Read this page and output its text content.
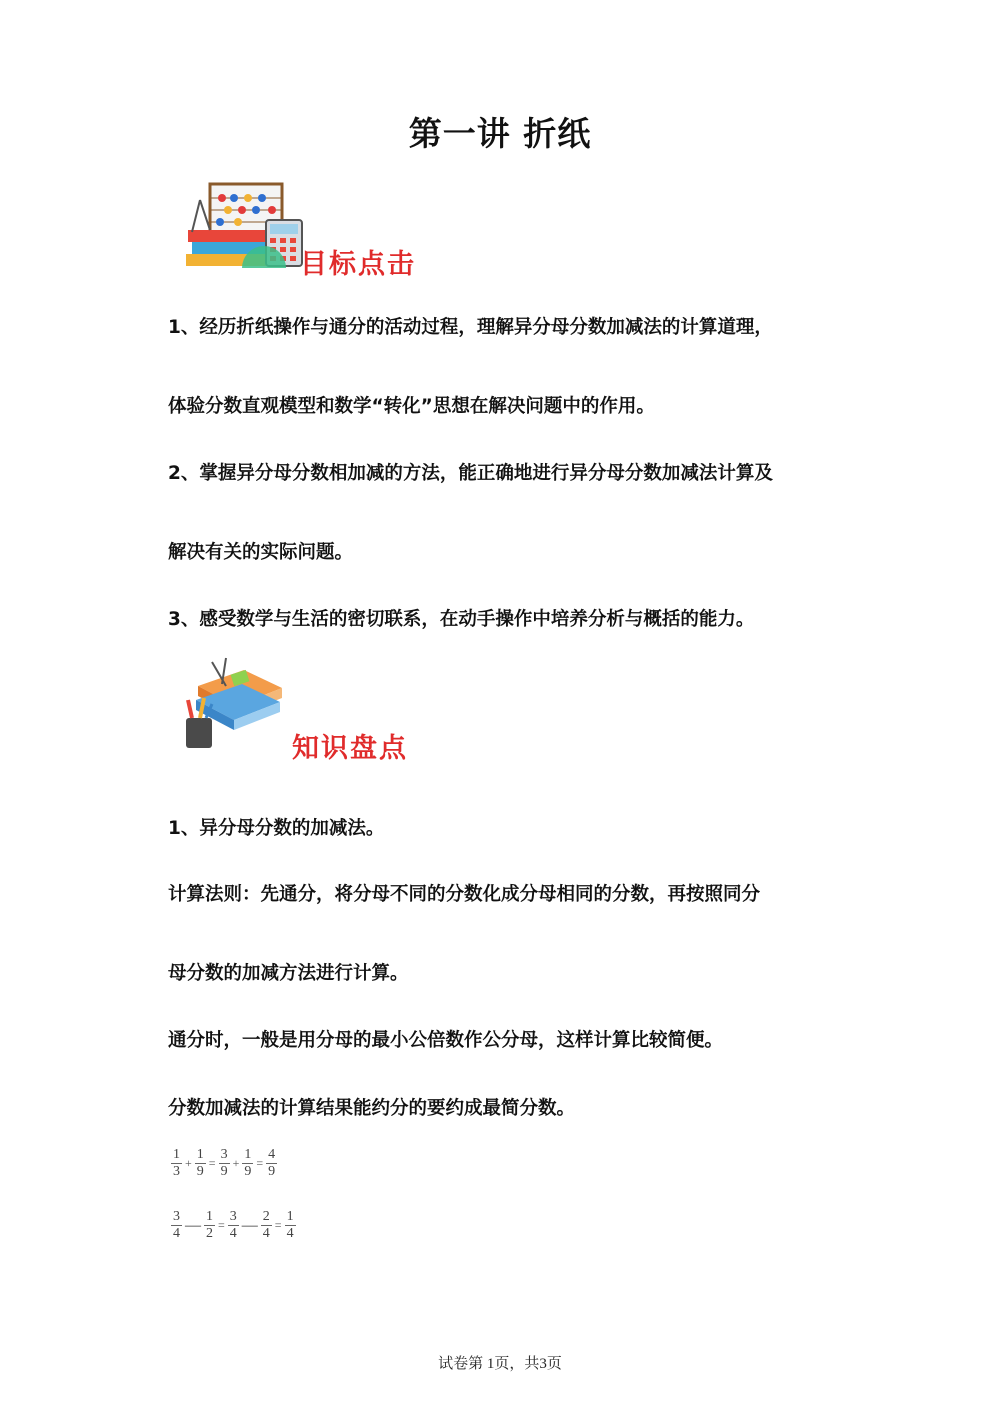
第一讲 折纸
目标点击
1、经历折纸操作与通分的活动过程，理解异分母分数加减法的计算道理，
体验分数直观模型和数学“转化”思想在解决问题中的作用。
2、掌握异分母分数相加减的方法，能正确地进行异分母分数加减法计算及
解决有关的实际问题。
3、感受数学与生活的密切联系，在动手操作中培养分析与概括的能力。
知识盘点
1、异分母分数的加减法。
计算法则：先通分，将分母不同的分数化成分母相同的分数，再按照同分
母分数的加减方法进行计算。
通分时，一般是用分母的最小公倍数作公分母，这样计算比较简便。
分数加减法的计算结果能约分的要约成最简分数。
$\frac{1}{3} + \frac{1}{9} = \frac{3}{9} + \frac{1}{9} = \frac{4}{9}$
$\frac{3}{4}$ — $\frac{1}{2} = \frac{3}{4}$ — $\frac{2}{4} = \frac{1}{4}$
试卷第 1页，共3页
